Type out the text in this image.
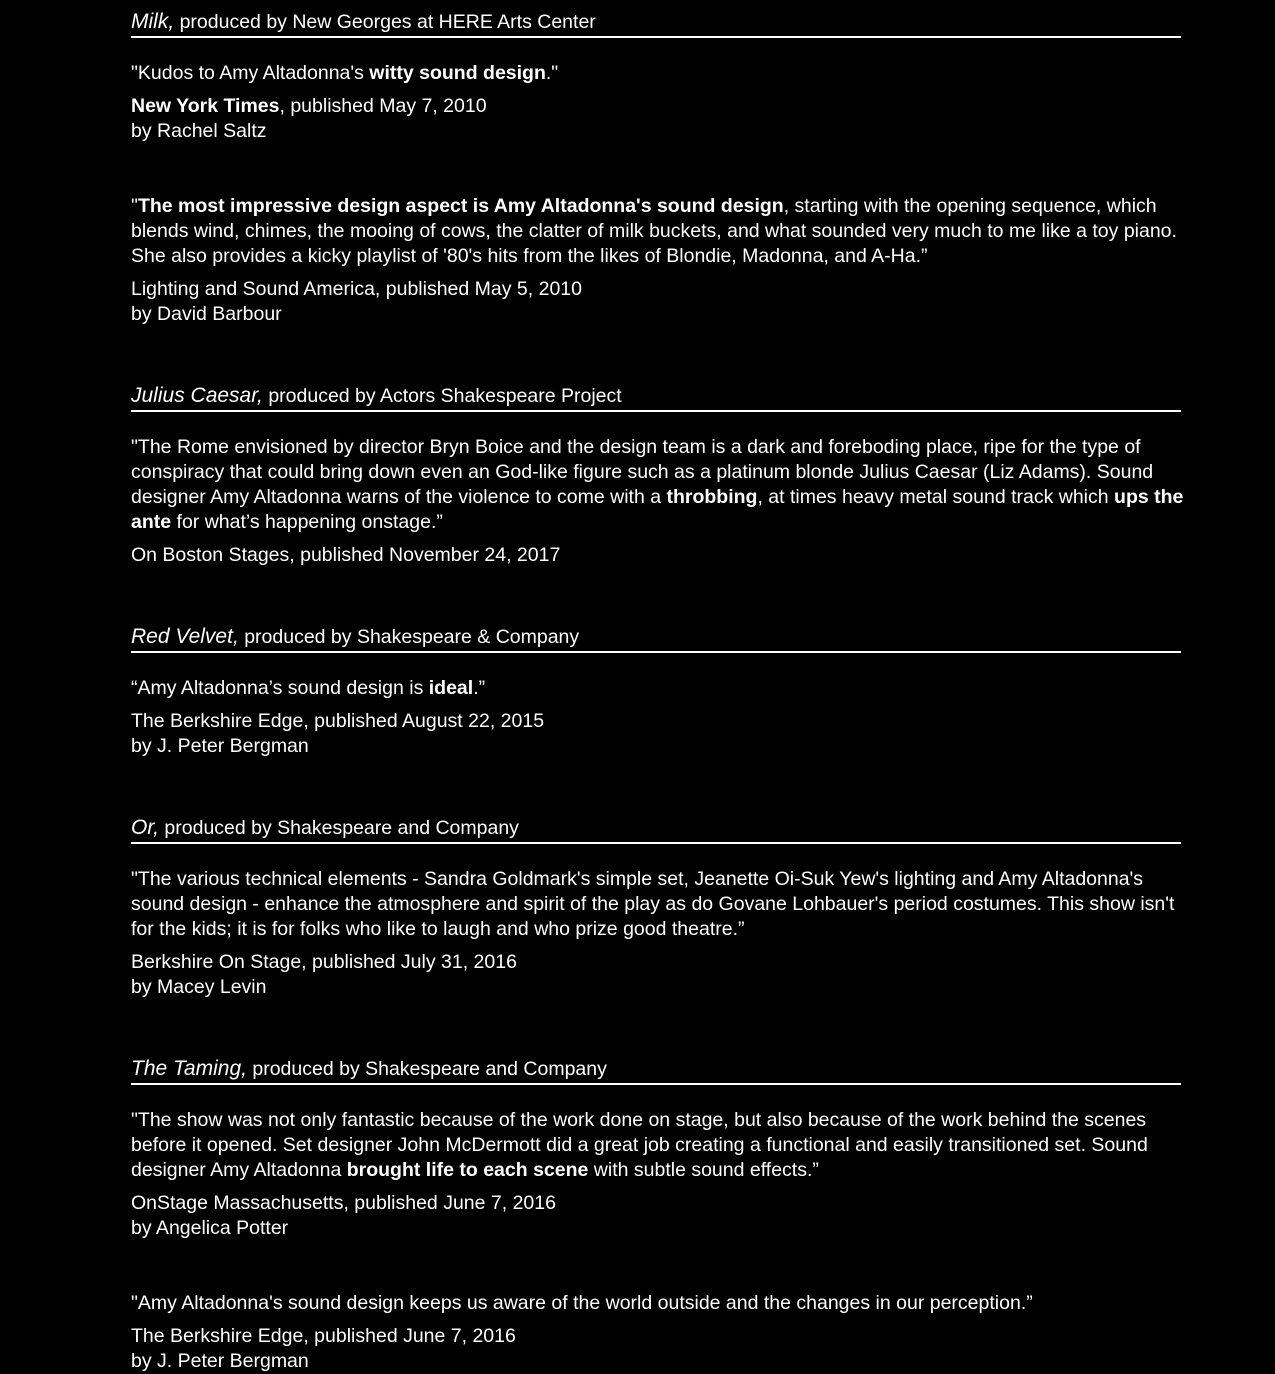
Milk, produced by New Georges at HERE Arts Center
"Kudos to Amy Altadonna's witty sound design."
New York Times, published May 7, 2010
by Rachel Saltz
"The most impressive design aspect is Amy Altadonna's sound design, starting with the opening sequence, which blends wind, chimes, the mooing of cows, the clatter of milk buckets, and what sounded very much to me like a toy piano. She also provides a kicky playlist of '80's hits from the likes of Blondie, Madonna, and A-Ha.”
Lighting and Sound America, published May 5, 2010
by David Barbour
Julius Caesar, produced by Actors Shakespeare Project
"The Rome envisioned by director Bryn Boice and the design team is a dark and foreboding place, ripe for the type of conspiracy that could bring down even an God-like figure such as a platinum blonde Julius Caesar (Liz Adams). Sound designer Amy Altadonna warns of the violence to come with a throbbing, at times heavy metal sound track which ups the ante for what’s happening onstage.”
On Boston Stages, published November 24, 2017
Red Velvet, produced by Shakespeare & Company
“Amy Altadonna’s sound design is ideal.”
The Berkshire Edge, published August 22, 2015
by J. Peter Bergman
Or, produced by Shakespeare and Company
"The various technical elements - Sandra Goldmark's simple set, Jeanette Oi-Suk Yew's lighting and Amy Altadonna's sound design - enhance the atmosphere and spirit of the play as do Govane Lohbauer's period costumes. This show isn't for the kids; it is for folks who like to laugh and who prize good theatre.”
Berkshire On Stage, published July 31, 2016
by Macey Levin
The Taming, produced by Shakespeare and Company
"The show was not only fantastic because of the work done on stage, but also because of the work behind the scenes before it opened. Set designer John McDermott did a great job creating a functional and easily transitioned set. Sound designer Amy Altadonna brought life to each scene with subtle sound effects.”
OnStage Massachusetts, published June 7, 2016
by Angelica Potter
"Amy Altadonna's sound design keeps us aware of the world outside and the changes in our perception.”
The Berkshire Edge, published June 7, 2016
by J. Peter Bergman
